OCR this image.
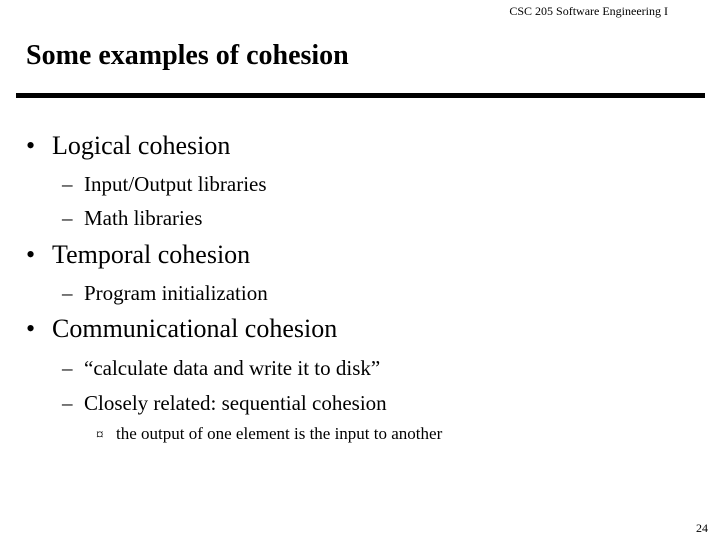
CSC 205 Software Engineering I
Some examples of cohesion
• Logical cohesion
– Input/Output libraries
– Math libraries
• Temporal cohesion
– Program initialization
• Communicational cohesion
– “calculate data and write it to disk”
– Closely related: sequential cohesion
¤ the output of one element is the input to another
24
